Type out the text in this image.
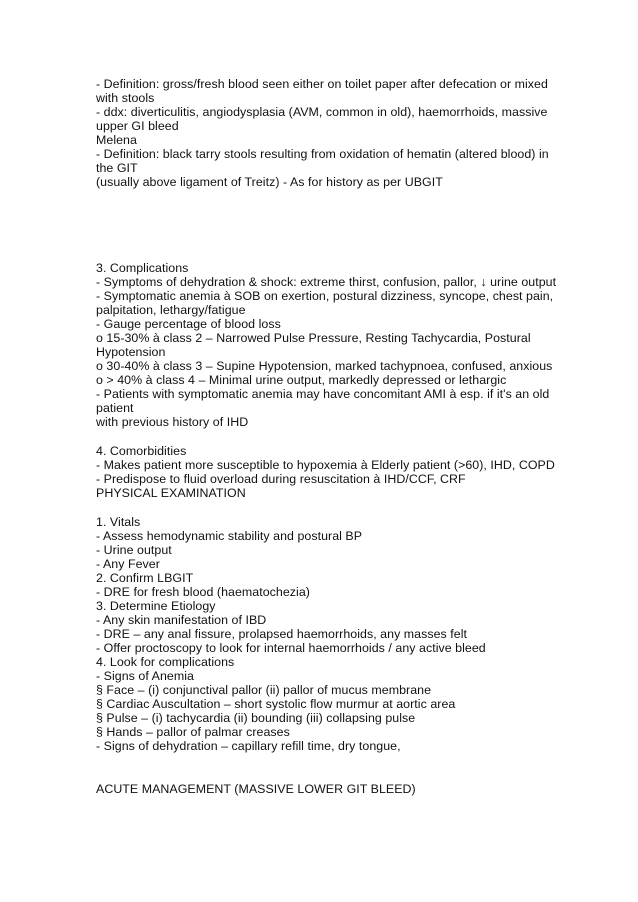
- Definition: gross/fresh blood seen either on toilet paper after defecation or mixed
with stools
- ddx: diverticulitis, angiodysplasia (AVM, common in old), haemorrhoids, massive
upper GI bleed
Melena
- Definition: black tarry stools resulting from oxidation of hematin (altered blood) in
the GIT
(usually above ligament of Treitz) - As for history as per UBGIT
3. Complications
- Symptoms of dehydration & shock: extreme thirst, confusion, pallor, ↓ urine output
- Symptomatic anemia à SOB on exertion, postural dizziness, syncope, chest pain,
palpitation, lethargy/fatigue
- Gauge percentage of blood loss
o 15-30% à class 2 – Narrowed Pulse Pressure, Resting Tachycardia, Postural
Hypotension
o 30-40% à class 3 – Supine Hypotension, marked tachypnoea, confused, anxious
o > 40% à class 4 – Minimal urine output, markedly depressed or lethargic
- Patients with symptomatic anemia may have concomitant AMI à esp. if it's an old
patient
with previous history of IHD
4. Comorbidities
- Makes patient more susceptible to hypoxemia à Elderly patient (>60), IHD, COPD
- Predispose to fluid overload during resuscitation à IHD/CCF, CRF
PHYSICAL EXAMINATION
1. Vitals
- Assess hemodynamic stability and postural BP
- Urine output
- Any Fever
2. Confirm LBGIT
- DRE for fresh blood (haematochezia)
3. Determine Etiology
- Any skin manifestation of IBD
- DRE – any anal fissure, prolapsed haemorrhoids, any masses felt
- Offer proctoscopy to look for internal haemorrhoids / any active bleed
4. Look for complications
- Signs of Anemia
§ Face – (i) conjunctival pallor (ii) pallor of mucus membrane
§ Cardiac Auscultation – short systolic flow murmur at aortic area
§ Pulse – (i) tachycardia (ii) bounding (iii) collapsing pulse
§ Hands – pallor of palmar creases
- Signs of dehydration – capillary refill time, dry tongue,
ACUTE MANAGEMENT (MASSIVE LOWER GIT BLEED)
